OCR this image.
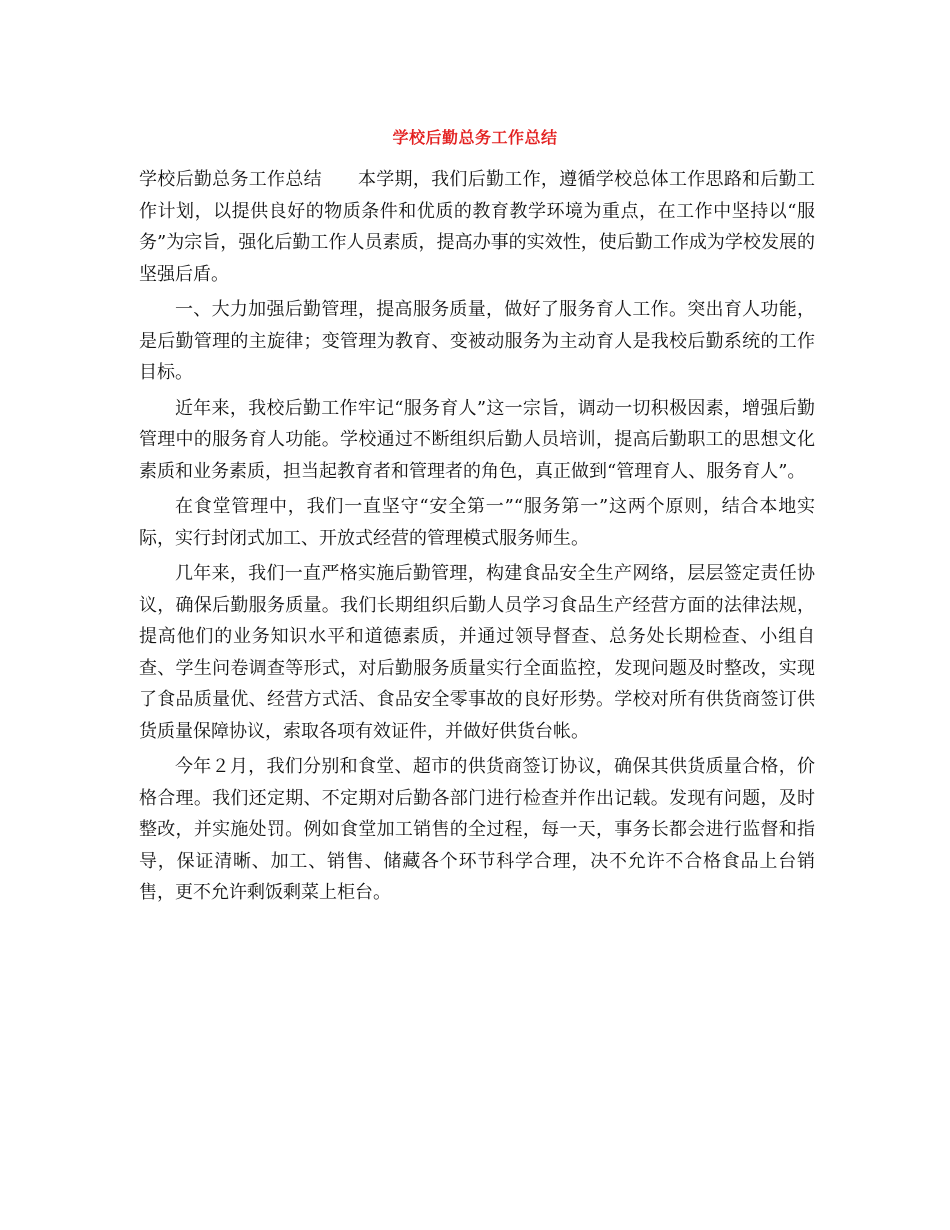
学校后勤总务工作总结

学校后勤总务工作总结 本学期，我们后勤工作，遵循学校总体工作思路和后勤工作计划，以提供良好的物质条件和优质的教育教学环境为重点，在工作中坚持以“服务”为宗旨，强化后勤工作人员素质，提高办事的实效性，使后勤工作成为学校发展的坚强后盾。

一、大力加强后勤管理，提高服务质量，做好了服务育人工作。突出育人功能，是后勤管理的主旋律；变管理为教育、变被动服务为主动育人是我校后勤系统的工作目标。

近年来，我校后勤工作牢记“服务育人”这一宗旨，调动一切积极因素，增强后勤管理中的服务育人功能。学校通过不断组织后勤人员培训，提高后勤职工的思想文化素质和业务素质，担当起教育者和管理者的角色，真正做到“管理育人、服务育人”。

在食堂管理中，我们一直坚守“安全第一”“服务第一”这两个原则，结合本地实际，实行封闭式加工、开放式经营的管理模式服务师生。

几年来，我们一直严格实施后勤管理，构建食品安全生产网络，层层签定责任协议，确保后勤服务质量。我们长期组织后勤人员学习食品生产经营方面的法律法规，提高他们的业务知识水平和道德素质，并通过领导督查、总务处长期检查、小组自查、学生问卷调查等形式，对后勤服务质量实行全面监控，发现问题及时整改，实现了食品质量优、经营方式活、食品安全零事故的良好形势。学校对所有供货商签订供货质量保障协议，索取各项有效证件，并做好供货台帐。

今年２月，我们分别和食堂、超市的供货商签订协议，确保其供货质量合格，价格合理。我们还定期、不定期对后勤各部门进行检查并作出记载。发现有问题，及时整改，并实施处罚。例如食堂加工销售的全过程，每一天，事务长都会进行监督和指导，保证清晰、加工、销售、储藏各个环节科学合理，决不允许不合格食品上台销售，更不允许剩饭剩菜上柜台。
